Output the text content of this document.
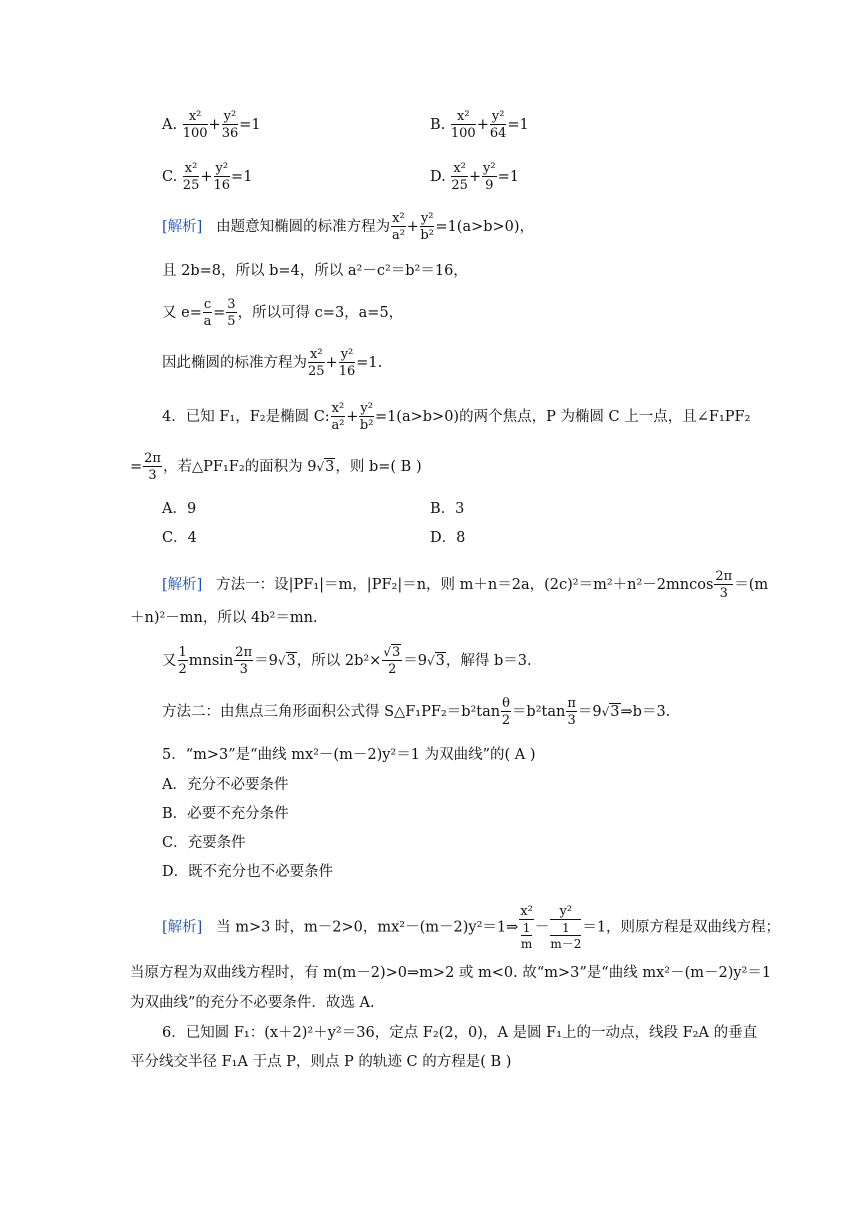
A. $\frac{\text{x²}}{100} + \frac{\text{y²}}{36} =1$	B. $\frac{\text{x²}}{100} + \frac{\text{y²}}{64} =1$
C. $\frac{\text{x²}}{25} + \frac{\text{y²}}{16} =1$	D. $\frac{\text{x²}}{25} + \frac{\text{y²}}{9} =1$
[解析] 由题意知椭圆的标准方程为 $\frac{\text{x²}}{\text{a²}} + \frac{\text{y²}}{\text{b²}} =1(a>b>0)$，
且 2b=8，所以 b=4，所以 a²－c²＝b²＝16，
又 $e= \frac{c}{a} = \frac{3}{5}$ ，所以可得 c=3，a=5，
因此椭圆的标准方程为 $\frac{\text{x²}}{25} + \frac{\text{y²}}{16} =1$.
4．已知 F₁，F₂是椭圆 C: $\frac{\text{x²}}{\text{a²}} + \frac{\text{y²}}{\text{b²}} =1(a>b>0)$的两个焦点，P 为椭圆 C 上一点，且∠F₁PF₂
= $\frac{2\pi}{3}$ ，若△PF₁F₂的面积为 9√3，则 b=( B )
A．9	B．3
C．4	D．8
[解析] 方法一：设|PF₁|＝m，|PF₂|＝n，则 m＋n＝2a，$(2c)^2=m^2+n^2-2mncos \frac{2\pi}{3} =(m$
＋n)²－mn，所以 4b²＝mn.
又 $\frac{1}{2}$ mnsin $\frac{2\pi}{3} =9√3$，所以 $2b^2\times \frac{√3}{2} =9√3$，解得 b＝3.
方法二：由焦点三角形面积公式得 S△F₁PF₂＝b²tan $\frac{\theta}{2} =b^2\tan \frac{\pi}{3}$ ＝9√3⇒b＝3.
5．“m>3”是“曲线 mx²－(m－2)y²＝1 为双曲线”的( A )
A．充分不必要条件
B．必要不充分条件
C．充要条件
D．既不充分也不必要条件
[解析] 当 m>3 时，m－2>0，mx²－(m－2)y²＝1⇒ $\frac{\text{x²}}{\frac{1}{m}} - \frac{\text{y²}}{\frac{1}{m-2}} =1$，则原方程是双曲线方程；
当原方程为双曲线方程时，有 m(m－2)>0⇒m>2 或 m<0. 故“m>3”是“曲线 mx²－(m－2)y²＝1
为双曲线”的充分不必要条件．故选 A.
6．已知圆 F₁：(x＋2)²＋y²＝36，定点 F₂(2，0)，A 是圆 F₁上的一动点，线段 F₂A 的垂直
平分线交半径 F₁A 于点 P，则点 P 的轨迹 C 的方程是( B )
